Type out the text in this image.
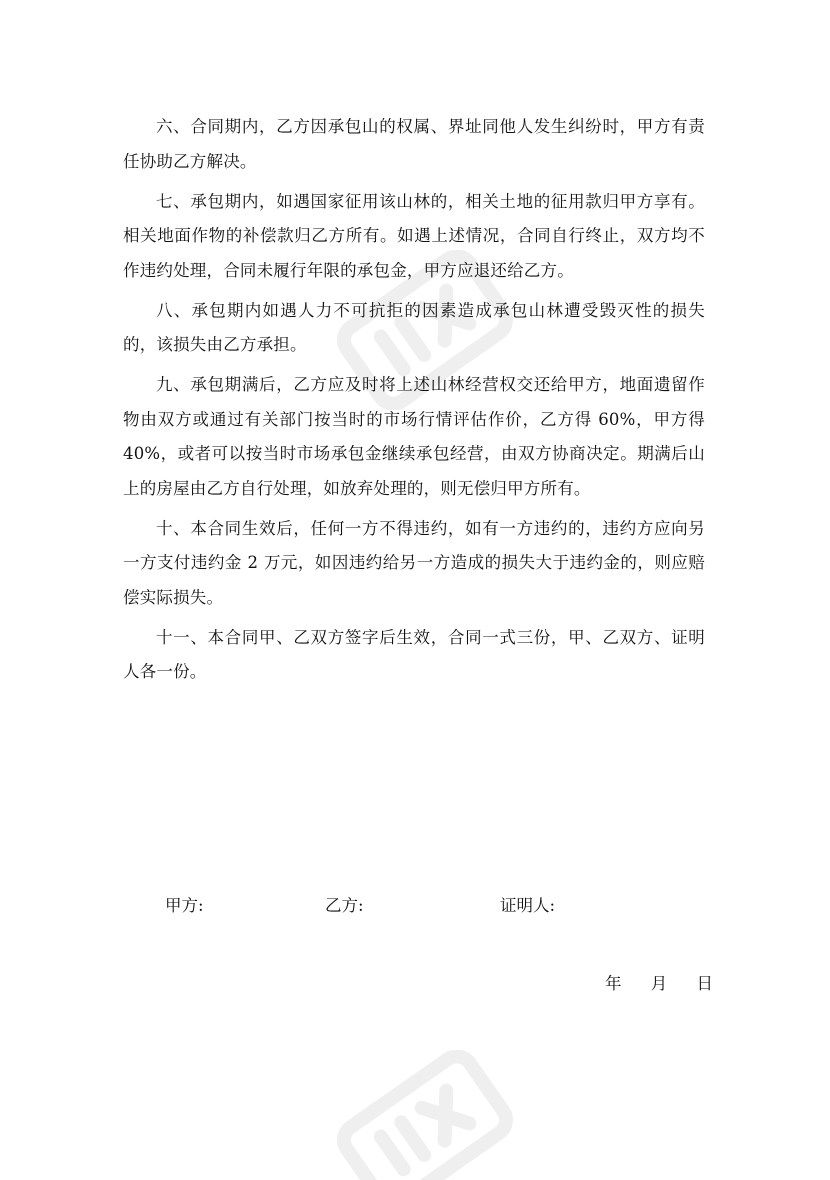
六、合同期内，乙方因承包山的权属、界址同他人发生纠纷时，甲方有责任协助乙方解决。

七、承包期内，如遇国家征用该山林的，相关土地的征用款归甲方享有。相关地面作物的补偿款归乙方所有。如遇上述情况，合同自行终止，双方均不作违约处理，合同未履行年限的承包金，甲方应退还给乙方。

八、承包期内如遇人力不可抗拒的因素造成承包山林遭受毁灭性的损失的，该损失由乙方承担。

九、承包期满后，乙方应及时将上述山林经营权交还给甲方，地面遗留作物由双方或通过有关部门按当时的市场行情评估作价，乙方得 60%，甲方得 40%，或者可以按当时市场承包金继续承包经营，由双方协商决定。期满后山上的房屋由乙方自行处理，如放弃处理的，则无偿归甲方所有。

十、本合同生效后，任何一方不得违约，如有一方违约的，违约方应向另一方支付违约金 2 万元，如因违约给另一方造成的损失大于违约金的，则应赔偿实际损失。

十一、本合同甲、乙双方签字后生效，合同一式三份，甲、乙双方、证明人各一份。

甲方:	乙方:	证明人:
年 月 日
